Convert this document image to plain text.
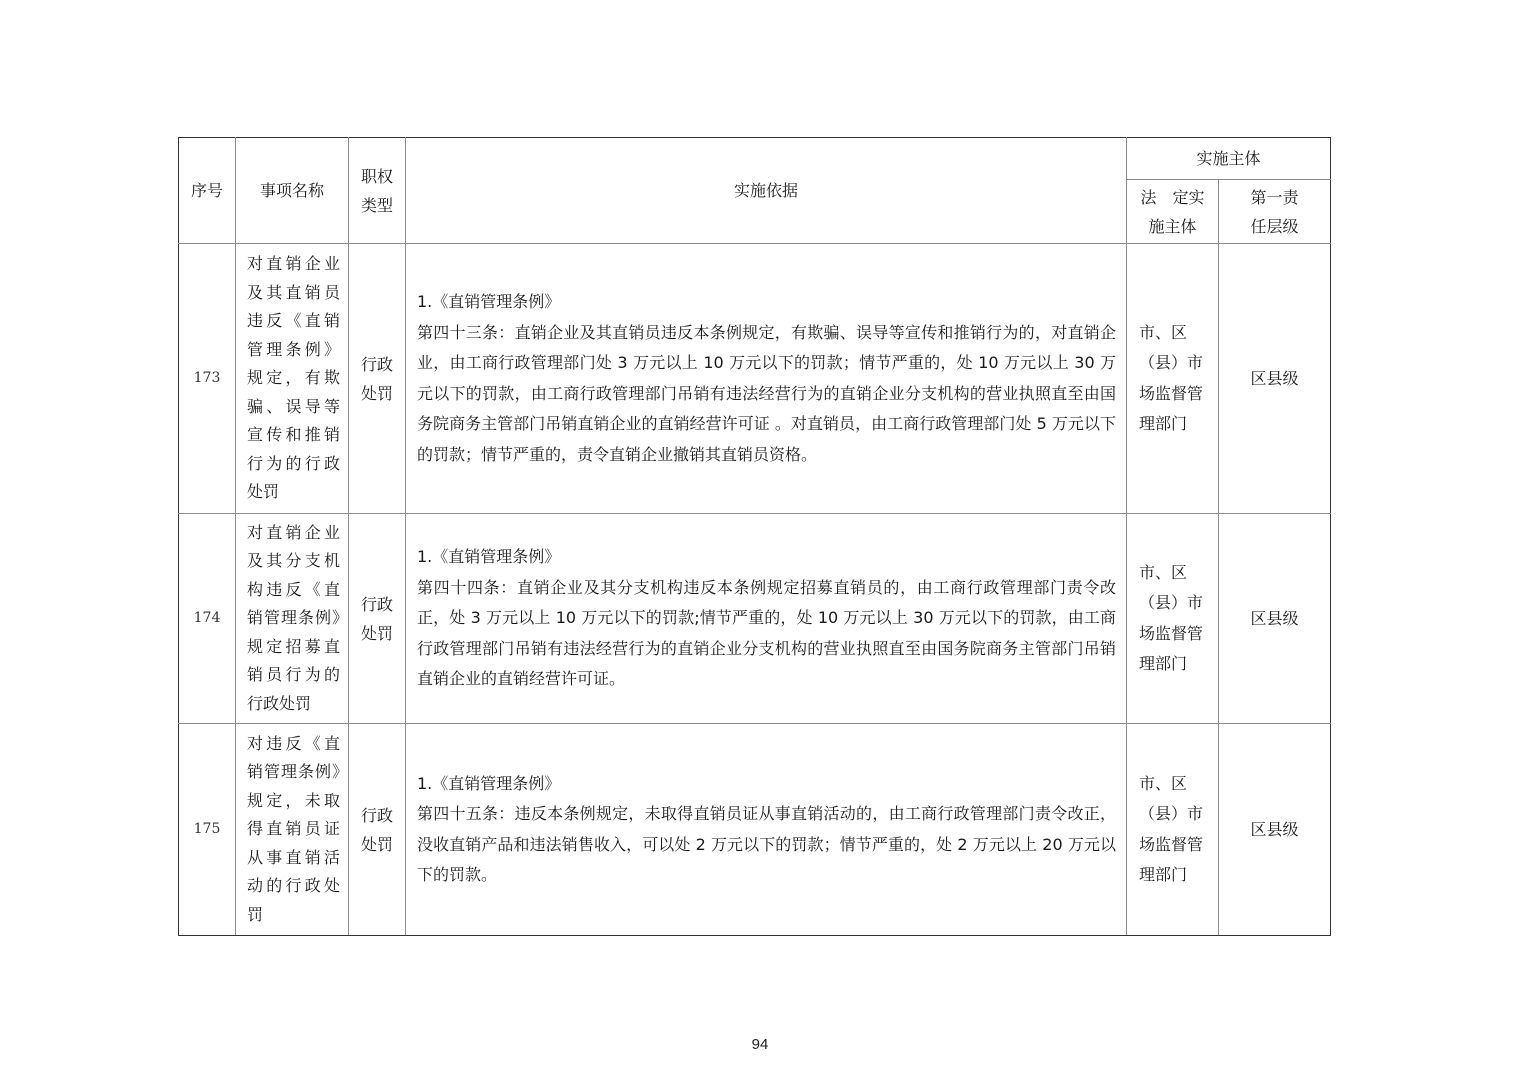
序号	事项名称	职权类型	实施依据	实施主体	
				法　定实施主体	第一责任层级
173	对直销企业及其直销员违反《直销管理条例》规定，有欺骗、误导等宣传和推销行为的行政处罚	行政处罚	1.《直销管理条例》
第四十三条：直销企业及其直销员违反本条例规定，有欺骗、误导等宣传和推销行为的，对直销企业，由工商行政管理部门处 3 万元以上 10 万元以下的罚款；情节严重的，处 10 万元以上 30 万元以下的罚款，由工商行政管理部门吊销有违法经营行为的直销企业分支机构的营业执照直至由国务院商务主管部门吊销直销企业的直销经营许可证 。对直销员，由工商行政管理部门处 5 万元以下的罚款；情节严重的，责令直销企业撤销其直销员资格。	市、区（县）市场监督管理部门	区县级
174	对直销企业及其分支机构违反《直销管理条例》规定招募直销员行为的行政处罚	行政处罚	1.《直销管理条例》
第四十四条：直销企业及其分支机构违反本条例规定招募直销员的，由工商行政管理部门责令改正，处 3 万元以上 10 万元以下的罚款;情节严重的，处 10 万元以上 30 万元以下的罚款，由工商行政管理部门吊销有违法经营行为的直销企业分支机构的营业执照直至由国务院商务主管部门吊销直销企业的直销经营许可证。	市、区（县）市场监督管理部门	区县级
175	对违反《直销管理条例》规定，未取得直销员证从事直销活动的行政处罚	行政处罚	1.《直销管理条例》
第四十五条：违反本条例规定，未取得直销员证从事直销活动的，由工商行政管理部门责令改正，没收直销产品和违法销售收入，可以处 2 万元以下的罚款；情节严重的，处 2 万元以上 20 万元以下的罚款。	市、区（县）市场监督管理部门	区县级
94
